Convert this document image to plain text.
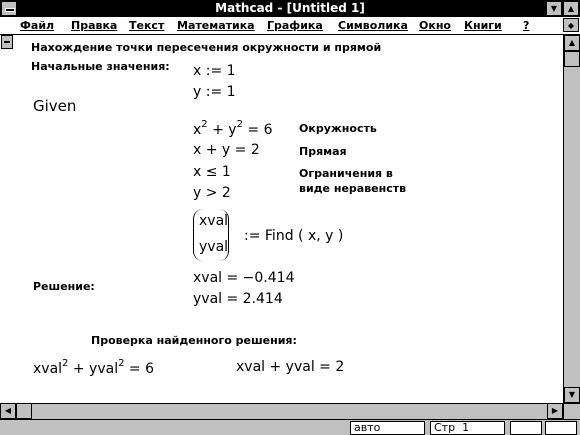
Mathcad - [Untitled 1]	▼	▲
Файл Правка Текст Математика Графика Символика Окно Книги ?	◆
Нахождение точки пересечения окружности и прямой
Начальные значения: x := 1
y := 1
Given
$x^2 + y^2 = 6$ Окружность
x + y = 2	Прямая
x ≤ 1	Ограничения в
виде неравенств
y > 2
xval
yval
:= Find ( x, y )
Решение:
xval = −0.414
yval = 2.414
Проверка найденного решения:
xval$^2$ + yval$^2$ = 6	xval + yval = 2
▲
▼
◀	▶
авто	Стр 1
